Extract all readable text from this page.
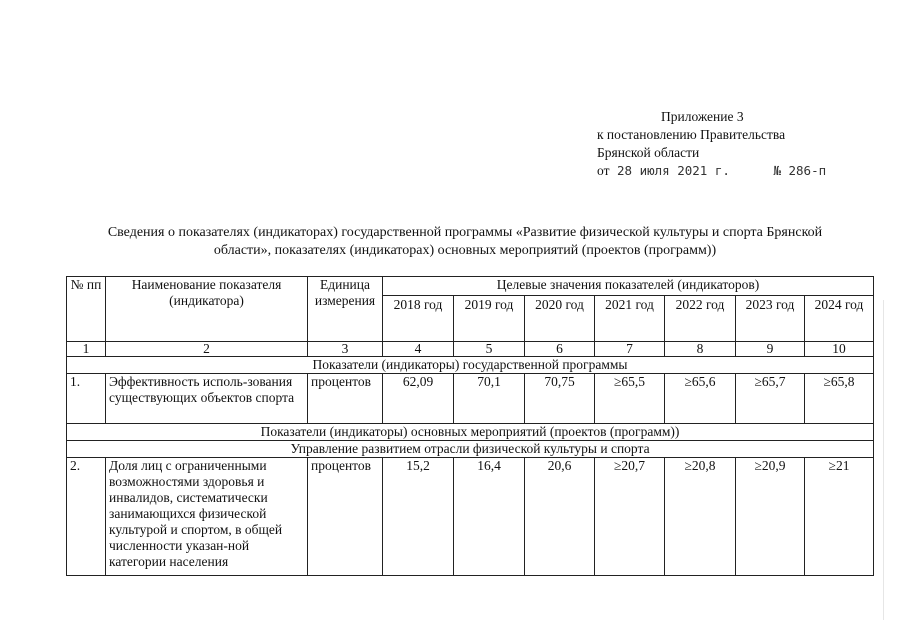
Приложение 3
к постановлению Правительства
Брянской области
от 28 июля 2021 г.	№ 286-п
Сведения о показателях (индикаторах) государственной программы «Развитие физической культуры и спорта Брянской
области», показателях (индикаторах) основных мероприятий (проектов (программ))
№ пп	Наименование показателя (индикатора)	Единица измерения	Целевые значения показателей (индикаторов)						
			2018 год	2019 год	2020 год	2021 год	2022 год	2023 год	2024 год
1	2	3	4	5	6	7	8	9	10
Показатели (индикаторы) государственной программы									
1.	Эффективность исполь-зования существующих объектов спорта	процентов	62,09	70,1	70,75	≥65,5	≥65,6	≥65,7	≥65,8
Показатели (индикаторы) основных мероприятий (проектов (программ))									
Управление развитием отрасли физической культуры и спорта									
2.	Доля лиц с ограниченными возможностями здоровья и инвалидов, систематически занимающихся физической культурой и спортом, в общей численности указан-ной категории населения	процентов	15,2	16,4	20,6	≥20,7	≥20,8	≥20,9	≥21
